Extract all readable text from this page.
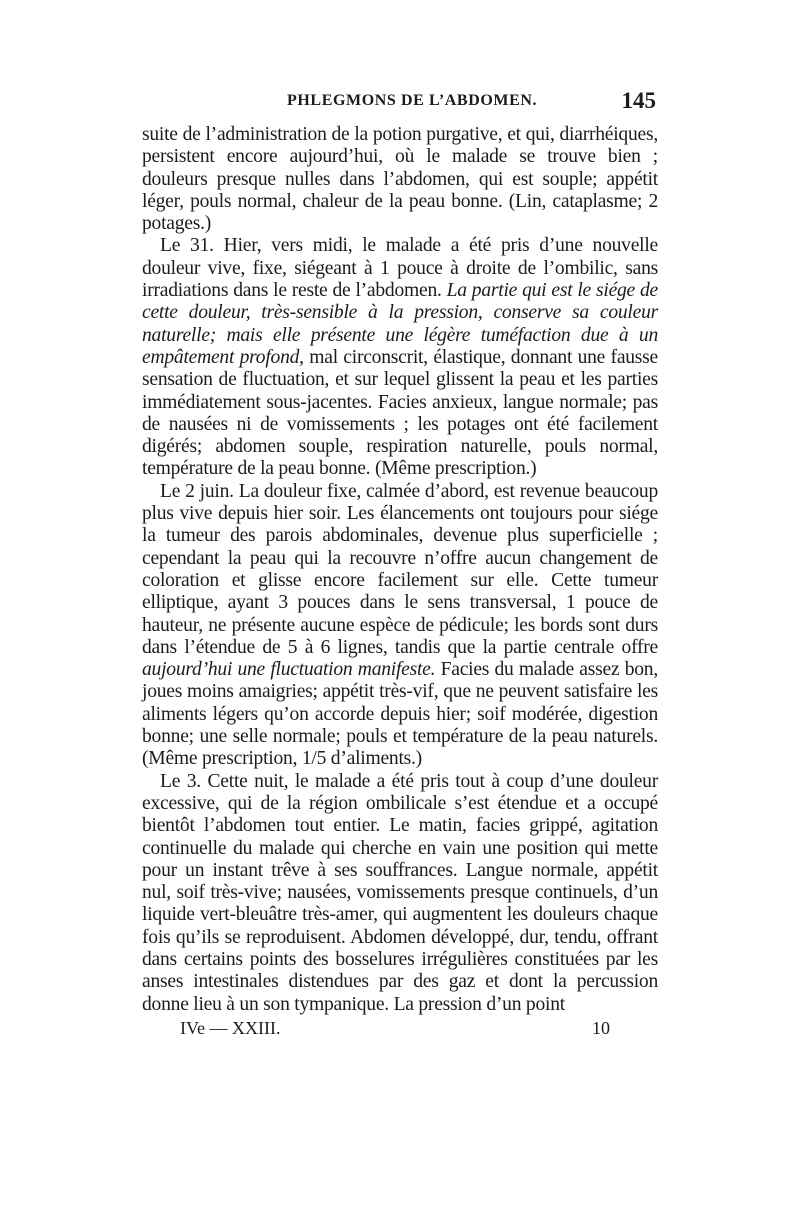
PHLEGMONS DE L’ABDOMEN.	145

suite de l’administration de la potion purgative, et qui, diarrhéiques, persistent encore aujourd’hui, où le malade se trouve bien ; douleurs presque nulles dans l’abdomen, qui est souple; appétit léger, pouls normal, chaleur de la peau bonne. (Lin, cataplasme; 2 potages.)

Le 31. Hier, vers midi, le malade a été pris d’une nouvelle douleur vive, fixe, siégeant à 1 pouce à droite de l’ombilic, sans irradiations dans le reste de l’abdomen. La partie qui est le siége de cette douleur, très-sensible à la pression, conserve sa couleur naturelle; mais elle présente une légère tuméfaction due à un empâtement profond, mal circonscrit, élastique, donnant une fausse sensation de fluctuation, et sur lequel glissent la peau et les parties immédiatement sous-jacentes. Facies anxieux, langue normale; pas de nausées ni de vomissements ; les potages ont été facilement digérés; abdomen souple, respiration naturelle, pouls normal, température de la peau bonne. (Même prescription.)

Le 2 juin. La douleur fixe, calmée d’abord, est revenue beaucoup plus vive depuis hier soir. Les élancements ont toujours pour siége la tumeur des parois abdominales, devenue plus superficielle ; cependant la peau qui la recouvre n’offre aucun changement de coloration et glisse encore facilement sur elle. Cette tumeur elliptique, ayant 3 pouces dans le sens transversal, 1 pouce de hauteur, ne présente aucune espèce de pédicule; les bords sont durs dans l’étendue de 5 à 6 lignes, tandis que la partie centrale offre aujourd’hui une fluctuation manifeste. Facies du malade assez bon, joues moins amaigries; appétit très-vif, que ne peuvent satisfaire les aliments légers qu’on accorde depuis hier; soif modérée, digestion bonne; une selle normale; pouls et température de la peau naturels. (Même prescription, 1/5 d’aliments.)

Le 3. Cette nuit, le malade a été pris tout à coup d’une douleur excessive, qui de la région ombilicale s’est étendue et a occupé bientôt l’abdomen tout entier. Le matin, facies grippé, agitation continuelle du malade qui cherche en vain une position qui mette pour un instant trêve à ses souffrances. Langue normale, appétit nul, soif très-vive; nausées, vomissements presque continuels, d’un liquide vert-bleuâtre très-amer, qui augmentent les douleurs chaque fois qu’ils se reproduisent. Abdomen développé, dur, tendu, offrant dans certains points des bosselures irrégulières constituées par les anses intestinales distendues par des gaz et dont la percussion donne lieu à un son tympanique. La pression d’un point

IVe — XXIII.	10
